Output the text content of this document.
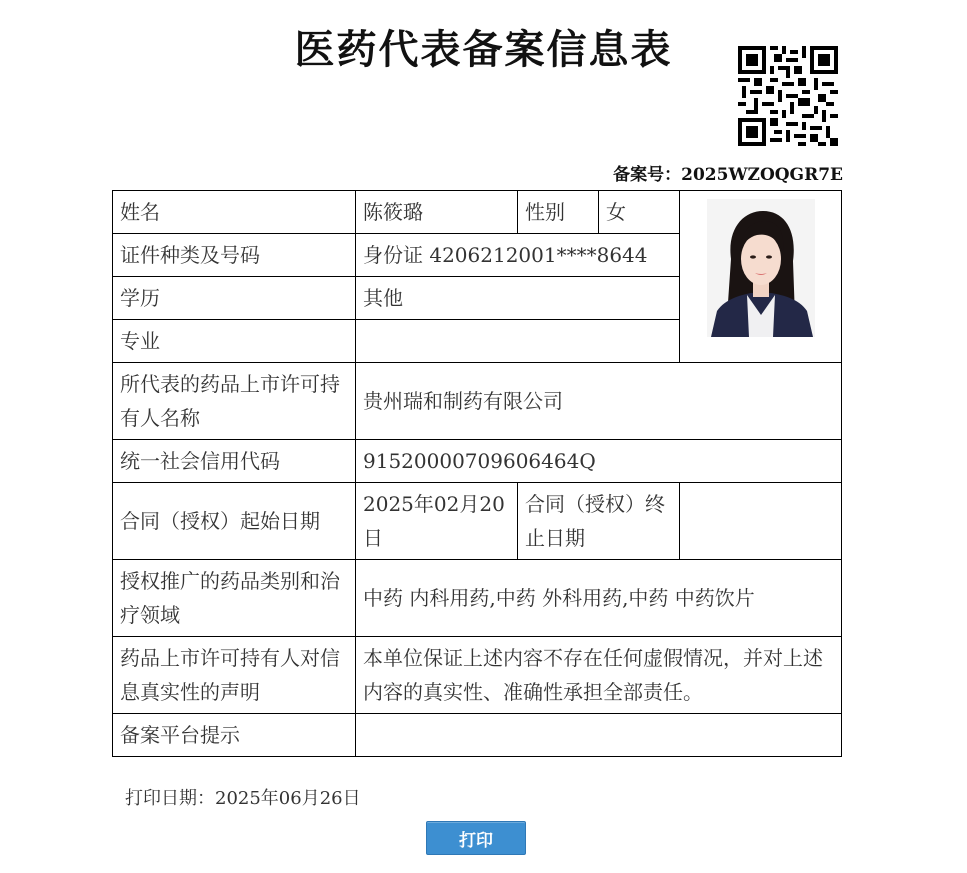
医药代表备案信息表
备案号：2025WZOQGR7E
姓名	陈筱璐	性别	女	

证件种类及号码	身份证 4206212001****8644			
学历	其他			
专业				
所代表的药品上市许可持有人名称	贵州瑞和制药有限公司			
统一社会信用代码	91520000709606464Q			
合同（授权）起始日期	2025年02月20日	合同（授权）终止日期		
授权推广的药品类别和治疗领域	中药 内科用药,中药 外科用药,中药 中药饮片			
药品上市许可持有人对信息真实性的声明	本单位保证上述内容不存在任何虚假情况，并对上述内容的真实性、准确性承担全部责任。			
备案平台提示				
打印日期：2025年06月26日
打印
